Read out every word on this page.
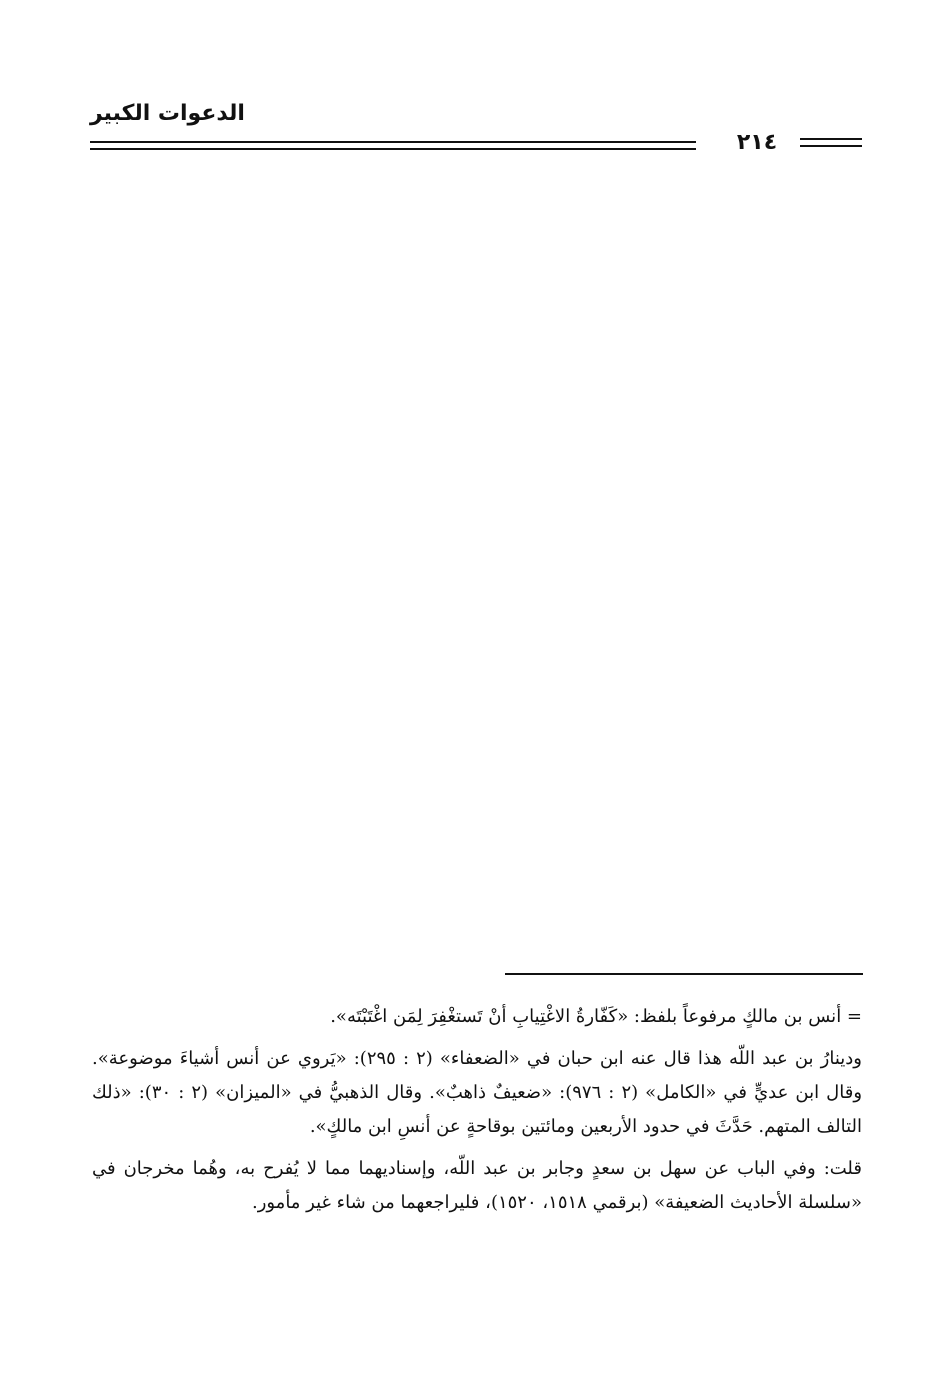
الدعوات الكبير
٢١٤

= أنس بن مالكٍ مرفوعاً بلفظ: «كَفّارةُ الاغْتِيابِ أنْ تَستغْفِرَ لِمَن اغْتَبْتَه».

ودينارُ بن عبد اللّه هذا قال عنه ابن حبان في «الضعفاء» (٢ : ٢٩٥): «يَروي عن أنس أشياءَ موضوعة». وقال ابن عديٍّ في «الكامل» (٢ : ٩٧٦): «ضعيفٌ ذاهبٌ». وقال الذهبيُّ في «الميزان» (٢ : ٣٠): «ذلك التالف المتهم. حَدَّثَ في حدود الأربعين ومائتين بوقاحةٍ عن أنسِ ابن مالكٍ».

قلت: وفي الباب عن سهل بن سعدٍ وجابر بن عبد اللّه، وإسناديهما مما لا يُفرح به، وهُما مخرجان في «سلسلة الأحاديث الضعيفة» (برقمي ١٥١٨، ١٥٢٠)، فليراجعهما من شاء غير مأمور.
